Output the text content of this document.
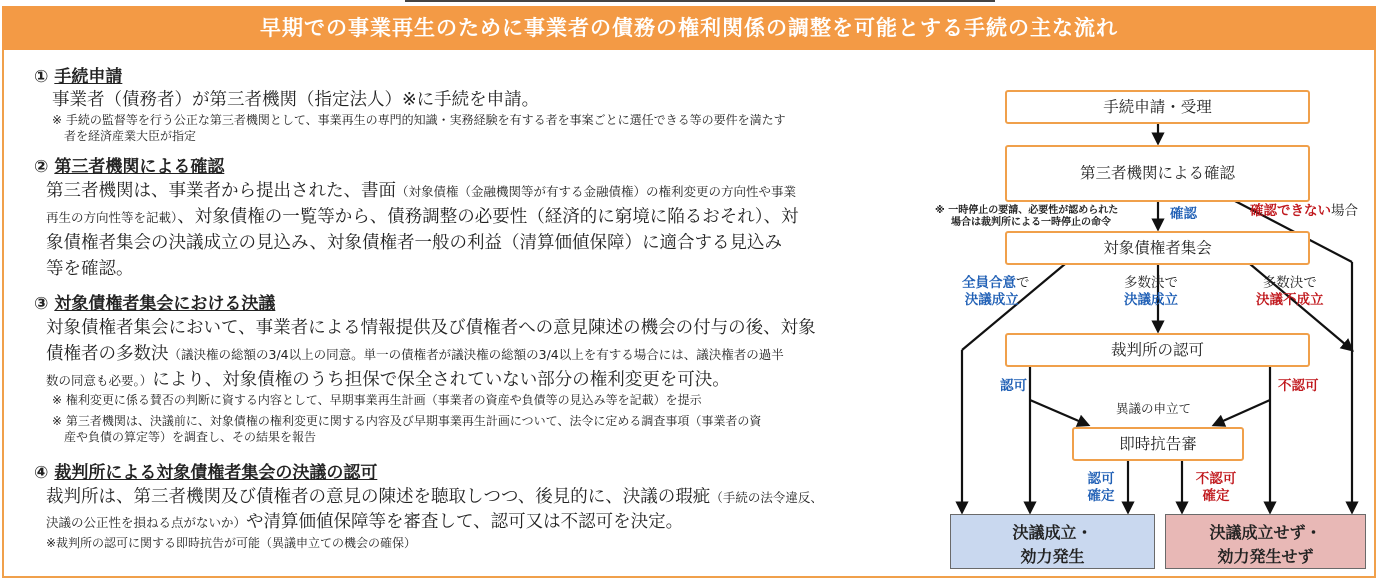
早期での事業再生のために事業者の債務の権利関係の調整を可能とする手続の主な流れ
① 手続申請
事業者（債務者）が第三者機関（指定法人）※に手続を申請。
※ 手続の監督等を行う公正な第三者機関として、事業再生の専門的知識・実務経験を有する者を事案ごとに選任できる等の要件を満たす
者を経済産業大臣が指定
② 第三者機関による確認
第三者機関は、事業者から提出された、書面（対象債権（金融機関等が有する金融債権）の権利変更の方向性や事業
再生の方向性等を記載）、対象債権の一覧等から、債務調整の必要性（経済的に窮境に陥るおそれ）、対
象債権者集会の決議成立の見込み、対象債権者一般の利益（清算価値保障）に適合する見込み
等を確認。
③ 対象債権者集会における決議
対象債権者集会において、事業者による情報提供及び債権者への意見陳述の機会の付与の後、対象
債権者の多数決（議決権の総額の3/4以上の同意。単一の債権者が議決権の総額の3/4以上を有する場合には、議決権者の過半
数の同意も必要。）により、対象債権のうち担保で保全されていない部分の権利変更を可決。
※ 権利変更に係る賛否の判断に資する内容として、早期事業再生計画（事業者の資産や負債等の見込み等を記載）を提示
※ 第三者機関は、決議前に、対象債権の権利変更に関する内容及び早期事業再生計画について、法令に定める調査事項（事業者の資
産や負債の算定等）を調査し、その結果を報告
④ 裁判所による対象債権者集会の決議の認可
裁判所は、第三者機関及び債権者の意見の陳述を聴取しつつ、後見的に、決議の瑕疵（手続の法令違反、
決議の公正性を損ねる点がないか）や清算価値保障等を審査して、認可又は不認可を決定。
※裁判所の認可に関する即時抗告が可能（異議申立ての機会の確保）
手続申請・受理
第三者機関による確認
対象債権者集会
裁判所の認可
即時抗告審
※ 一時停止の要請、必要性が認められた
場合は裁判所による一時停止の命令
確認	確認できない場合
全員合意で
決議成立
多数決で
決議成立
多数決で
決議不成立
認可	不認可
異議の申立て
認可確定
不認可確定
決議成立・
効力発生
決議成立せず・
効力発生せず
